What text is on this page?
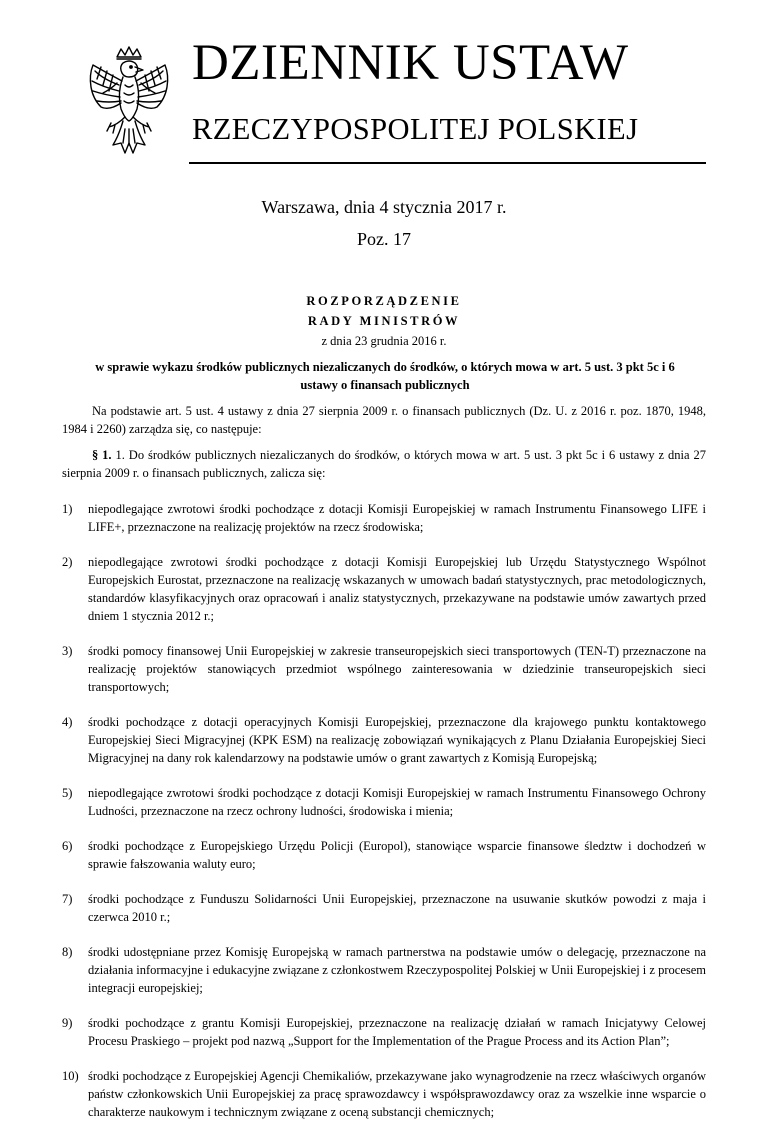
DZIENNIK USTAW
RZECZYPOSPOLITEJ POLSKIEJ
Warszawa, dnia 4 stycznia 2017 r.
Poz. 17
ROZPORZĄDZENIE
RADY MINISTRÓW
z dnia 23 grudnia 2016 r.
w sprawie wykazu środków publicznych niezaliczanych do środków, o których mowa w art. 5 ust. 3 pkt 5c i 6 ustawy o finansach publicznych
Na podstawie art. 5 ust. 4 ustawy z dnia 27 sierpnia 2009 r. o finansach publicznych (Dz. U. z 2016 r. poz. 1870, 1948, 1984 i 2260) zarządza się, co następuje:
§ 1. 1. Do środków publicznych niezaliczanych do środków, o których mowa w art. 5 ust. 3 pkt 5c i 6 ustawy z dnia 27 sierpnia 2009 r. o finansach publicznych, zalicza się:
1) niepodlegające zwrotowi środki pochodzące z dotacji Komisji Europejskiej w ramach Instrumentu Finansowego LIFE i LIFE+, przeznaczone na realizację projektów na rzecz środowiska;
2) niepodlegające zwrotowi środki pochodzące z dotacji Komisji Europejskiej lub Urzędu Statystycznego Wspólnot Europejskich Eurostat, przeznaczone na realizację wskazanych w umowach badań statystycznych, prac metodologicznych, standardów klasyfikacyjnych oraz opracowań i analiz statystycznych, przekazywane na podstawie umów zawartych przed dniem 1 stycznia 2012 r.;
3) środki pomocy finansowej Unii Europejskiej w zakresie transeuropejskich sieci transportowych (TEN-T) przeznaczone na realizację projektów stanowiących przedmiot wspólnego zainteresowania w dziedzinie transeuropejskich sieci transportowych;
4) środki pochodzące z dotacji operacyjnych Komisji Europejskiej, przeznaczone dla krajowego punktu kontaktowego Europejskiej Sieci Migracyjnej (KPK ESM) na realizację zobowiązań wynikających z Planu Działania Europejskiej Sieci Migracyjnej na dany rok kalendarzowy na podstawie umów o grant zawartych z Komisją Europejską;
5) niepodlegające zwrotowi środki pochodzące z dotacji Komisji Europejskiej w ramach Instrumentu Finansowego Ochrony Ludności, przeznaczone na rzecz ochrony ludności, środowiska i mienia;
6) środki pochodzące z Europejskiego Urzędu Policji (Europol), stanowiące wsparcie finansowe śledztw i dochodzeń w sprawie fałszowania waluty euro;
7) środki pochodzące z Funduszu Solidarności Unii Europejskiej, przeznaczone na usuwanie skutków powodzi z maja i czerwca 2010 r.;
8) środki udostępniane przez Komisję Europejską w ramach partnerstwa na podstawie umów o delegację, przeznaczone na działania informacyjne i edukacyjne związane z członkostwem Rzeczypospolitej Polskiej w Unii Europejskiej i z procesem integracji europejskiej;
9) środki pochodzące z grantu Komisji Europejskiej, przeznaczone na realizację działań w ramach Inicjatywy Celowej Procesu Praskiego – projekt pod nazwą „Support for the Implementation of the Prague Process and its Action Plan”;
10) środki pochodzące z Europejskiej Agencji Chemikaliów, przekazywane jako wynagrodzenie na rzecz właściwych organów państw członkowskich Unii Europejskiej za pracę sprawozdawcy i współsprawozdawcy oraz za wszelkie inne wsparcie o charakterze naukowym i technicznym związane z oceną substancji chemicznych;
